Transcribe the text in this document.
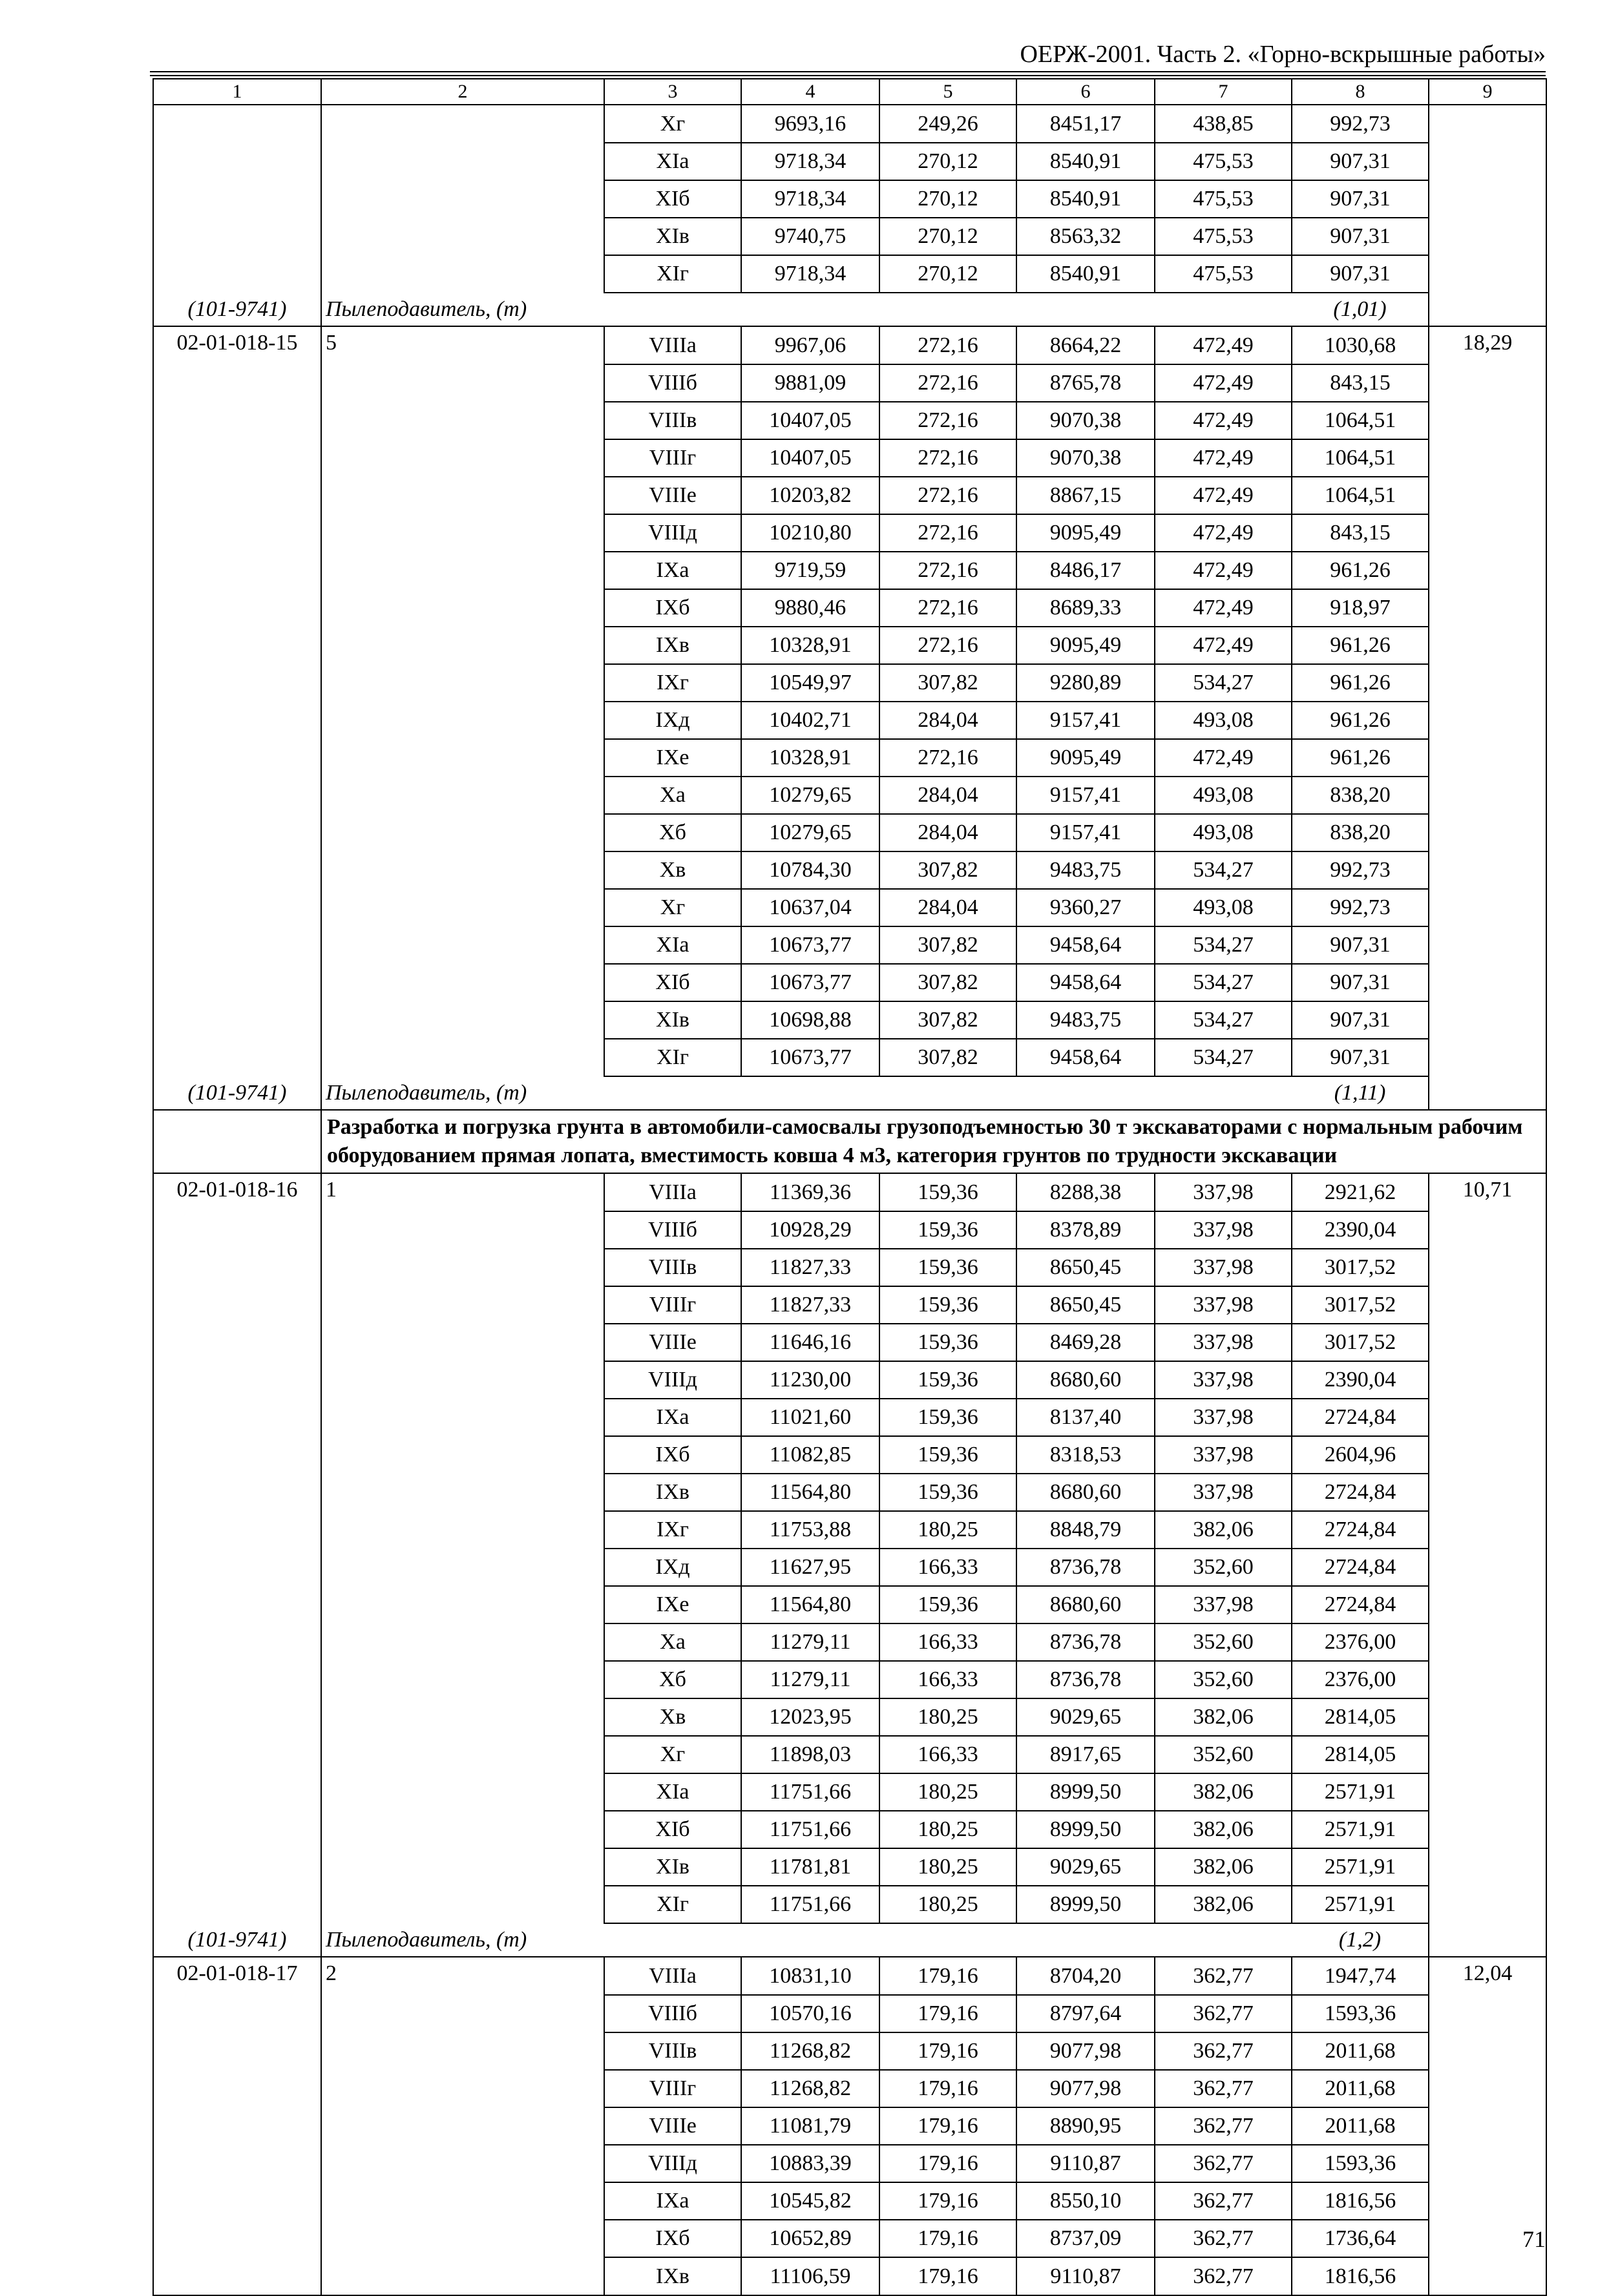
ОЕРЖ-2001. Часть 2. «Горно-вскрышные работы»
1	2	3	4	5	6	7	8	9
		Xг	9693,16	249,26	8451,17	438,85	992,73	
		XIa	9718,34	270,12	8540,91	475,53	907,31	
		XIб	9718,34	270,12	8540,91	475,53	907,31	
		XIв	9740,75	270,12	8563,32	475,53	907,31	
		XIг	9718,34	270,12	8540,91	475,53	907,31	
(101-9741)	Пылеподавитель, (т)						(1,01)	
02-01-018-15	5	VIIIа	9967,06	272,16	8664,22	472,49	1030,68	18,29
		VIIIб	9881,09	272,16	8765,78	472,49	843,15	
		VIIIв	10407,05	272,16	9070,38	472,49	1064,51	
		VIIIг	10407,05	272,16	9070,38	472,49	1064,51	
		VIIIе	10203,82	272,16	8867,15	472,49	1064,51	
		VIIIд	10210,80	272,16	9095,49	472,49	843,15	
		IXa	9719,59	272,16	8486,17	472,49	961,26	
		IXб	9880,46	272,16	8689,33	472,49	918,97	
		IXв	10328,91	272,16	9095,49	472,49	961,26	
		IXг	10549,97	307,82	9280,89	534,27	961,26	
		IXд	10402,71	284,04	9157,41	493,08	961,26	
		IXе	10328,91	272,16	9095,49	472,49	961,26	
		Xa	10279,65	284,04	9157,41	493,08	838,20	
		Xб	10279,65	284,04	9157,41	493,08	838,20	
		Xв	10784,30	307,82	9483,75	534,27	992,73	
		Xг	10637,04	284,04	9360,27	493,08	992,73	
		XIa	10673,77	307,82	9458,64	534,27	907,31	
		XIб	10673,77	307,82	9458,64	534,27	907,31	
		XIв	10698,88	307,82	9483,75	534,27	907,31	
		XIг	10673,77	307,82	9458,64	534,27	907,31	
(101-9741)	Пылеподавитель, (т)						(1,11)	
	Разработка и погрузка грунта в автомобили-самосвалы грузоподъемностью 30 т экскаваторами с нормальным рабочим оборудованием прямая лопата, вместимость ковша 4 м3, категория грунтов по трудности экскавации							
02-01-018-16	1	VIIIа	11369,36	159,36	8288,38	337,98	2921,62	10,71
		VIIIб	10928,29	159,36	8378,89	337,98	2390,04	
		VIIIв	11827,33	159,36	8650,45	337,98	3017,52	
		VIIIг	11827,33	159,36	8650,45	337,98	3017,52	
		VIIIе	11646,16	159,36	8469,28	337,98	3017,52	
		VIIIд	11230,00	159,36	8680,60	337,98	2390,04	
		IXa	11021,60	159,36	8137,40	337,98	2724,84	
		IXб	11082,85	159,36	8318,53	337,98	2604,96	
		IXв	11564,80	159,36	8680,60	337,98	2724,84	
		IXг	11753,88	180,25	8848,79	382,06	2724,84	
		IXд	11627,95	166,33	8736,78	352,60	2724,84	
		IXе	11564,80	159,36	8680,60	337,98	2724,84	
		Xa	11279,11	166,33	8736,78	352,60	2376,00	
		Xб	11279,11	166,33	8736,78	352,60	2376,00	
		Xв	12023,95	180,25	9029,65	382,06	2814,05	
		Xг	11898,03	166,33	8917,65	352,60	2814,05	
		XIa	11751,66	180,25	8999,50	382,06	2571,91	
		XIб	11751,66	180,25	8999,50	382,06	2571,91	
		XIв	11781,81	180,25	9029,65	382,06	2571,91	
		XIг	11751,66	180,25	8999,50	382,06	2571,91	
(101-9741)	Пылеподавитель, (т)						(1,2)	
02-01-018-17	2	VIIIа	10831,10	179,16	8704,20	362,77	1947,74	12,04
		VIIIб	10570,16	179,16	8797,64	362,77	1593,36	
		VIIIв	11268,82	179,16	9077,98	362,77	2011,68	
		VIIIг	11268,82	179,16	9077,98	362,77	2011,68	
		VIIIе	11081,79	179,16	8890,95	362,77	2011,68	
		VIIIд	10883,39	179,16	9110,87	362,77	1593,36	
		IXa	10545,82	179,16	8550,10	362,77	1816,56	
		IXб	10652,89	179,16	8737,09	362,77	1736,64	
		IXв	11106,59	179,16	9110,87	362,77	1816,56	
71
